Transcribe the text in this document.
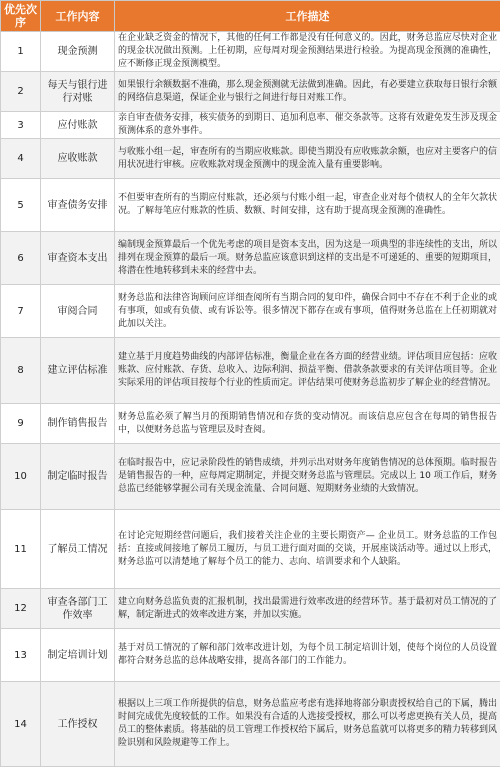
优先次序	工作内容	工作描述
1	现金预测	在企业缺乏资金的情况下，其他的任何工作都是没有任何意义的。因此，财务总监应尽快对企业的现金状况做出预测。上任初期，应每周对现金预测结果进行检验。为提高现金预测的准确性，应不断修正现金预测模型。
2	每天与银行进行对账	如果银行余额数据不准确，那么现金预测就无法做到准确。因此，有必要建立获取每日银行余额的网络信息渠道，保证企业与银行之间进行每日对账工作。
3	应付账款	亲自审查债务安排，核实债务的到期日、追加利息率、催交条款等。这将有效避免发生涉及现金预测体系的意外事件。
4	应收账款	与收账小组一起，审查所有的当期应收账款。即使当期没有应收账款余额，也应对主要客户的信用状况进行审核。应收账款对现金预测中的现金流入量有重要影响。
5	审查债务安排	不但要审查所有的当期应付账款，还必须与付账小组一起，审查企业对每个债权人的全年欠款状况。了解每笔应付账款的性质、数额、时间安排，这有助于提高现金预测的准确性。
6	审查资本支出	编制现金预算最后一个优先考虑的项目是资本支出，因为这是一项典型的非连续性的支出，所以排列在现金预算的最后一项。财务总监应该意识到这样的支出是不可递延的、重要的短期项目，将潜在性地转移到未来的经营中去。
7	审阅合同	财务总监和法律咨询顾问应详细查阅所有当期合同的复印件，确保合同中不存在不利于企业的或有事项，如或有负债、或有诉讼等。很多情况下都存在或有事项，值得财务总监在上任初期就对此加以关注。
8	建立评估标准	建立基于月度趋势曲线的内部评估标准，衡量企业在各方面的经营业绩。评估项目应包括：应收账款、应付账款、存货、总收入、边际利润、损益平衡、借款条款要求的有关评估项目等。企业实际采用的评估项目按每个行业的性质而定。评估结果可使财务总监初步了解企业的经营情况。
9	制作销售报告	财务总监必须了解当月的预期销售情况和存货的变动情况。而该信息应包含在每周的销售报告中，以便财务总监与管理层及时查阅。
10	制定临时报告	在临时报告中，应记录阶段性的销售成绩，并列示出对财务年度销售情况的总体预期。临时报告是销售报告的一种，应每周定期制定，并提交财务总监与管理层。完成以上 10 项工作后，财务总监已经能够掌握公司有关现金流量、合同问题、短期财务业绩的大致情况。
11	了解员工情况	在讨论完短期经营问题后，我们接着关注企业的主要长期资产— 企业员工。财务总监的工作包括：直接或间接地了解员工履历，与员工进行面对面的交谈，开展座谈活动等。通过以上形式，财务总监可以清楚地了解每个员工的能力、志向、培训要求和个人缺陷。
12	审查各部门工作效率	建立向财务总监负责的汇报机制，找出最需进行效率改进的经营环节。基于最初对员工情况的了解，制定渐进式的效率改进方案，并加以实施。
13	制定培训计划	基于对员工情况的了解和部门效率改进计划，为每个员工制定培训计划，使每个岗位的人员设置都符合财务总监的总体战略安排，提高各部门的工作能力。
14	工作授权	根据以上三项工作所提供的信息，财务总监应考虑有选择地将部分职责授权给自己的下属，腾出时间完成优先度较低的工作。如果没有合适的人选接受授权，那么可以考虑更换有关人员，提高员工的整体素质。将基础的员工管理工作授权给下属后，财务总监就可以将更多的精力转移到风险识别和风险规避等工作上。
